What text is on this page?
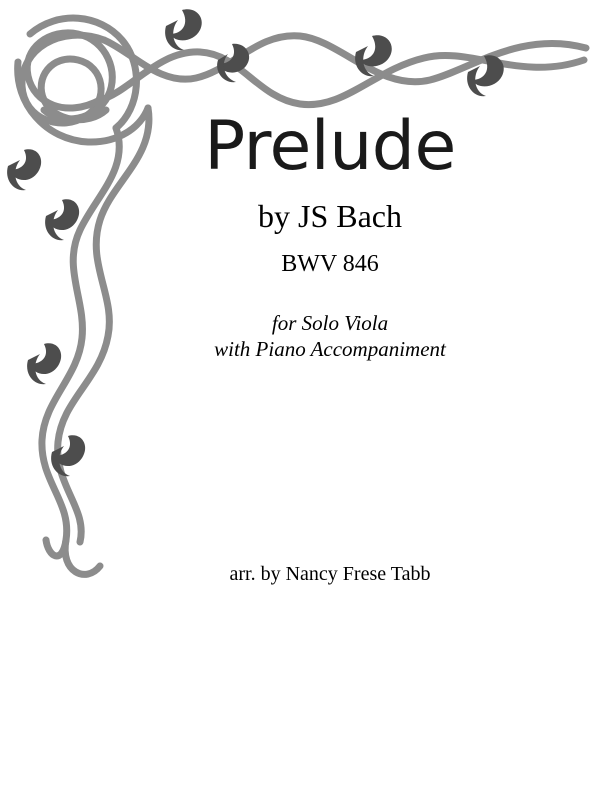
Prelude
by JS Bach
BWV 846
for Solo Viola
with Piano Accompaniment
arr. by Nancy Frese Tabb
